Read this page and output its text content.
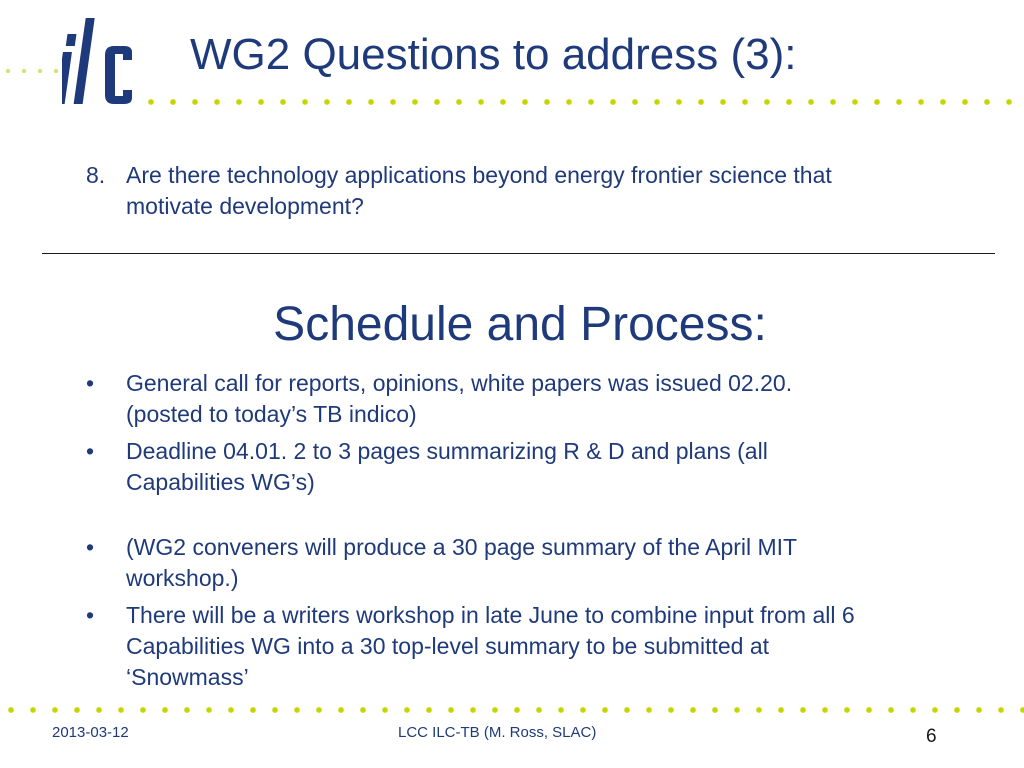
WG2 Questions to address (3):
8. Are there technology applications beyond energy frontier science that
motivate development?
Schedule and Process:
•	General call for reports, opinions, white papers was issued 02.20.
(posted to today’s TB indico)
•	Deadline 04.01. 2 to 3 pages summarizing R & D and plans (all
Capabilities WG’s)
•	(WG2 conveners will produce a 30 page summary of the April MIT
workshop.)
•	There will be a writers workshop in late June to combine input from all 6
Capabilities WG into a 30 top-level summary to be submitted at
‘Snowmass’
2013-03-12	LCC ILC-TB (M. Ross, SLAC)	6
